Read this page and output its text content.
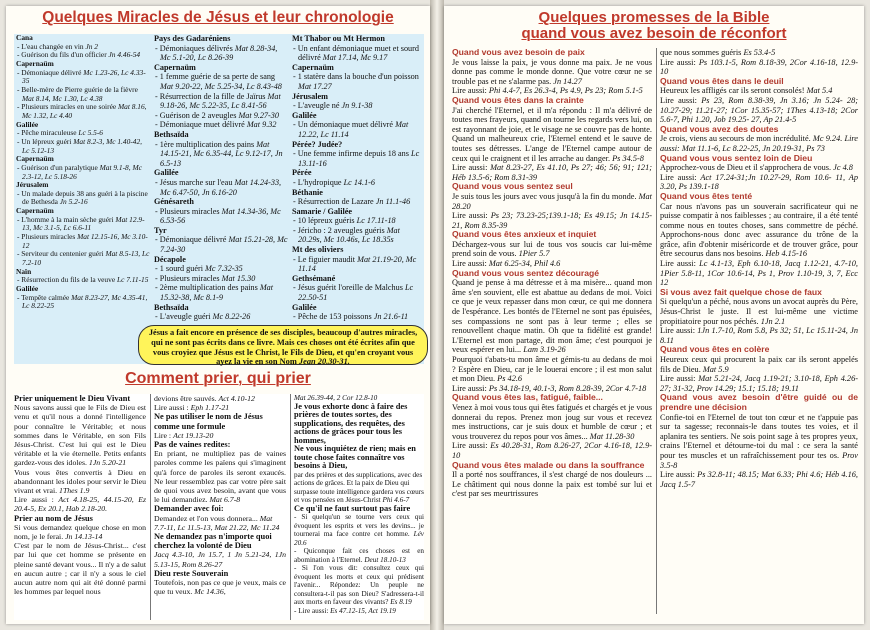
Quelques Miracles de Jésus et leur chronologie
Cana
- L'eau changée en vin Jn 2
- Guérison du fils d'un officier Jn 4.46-54
Capernaüm
- Démoniaque délivré Mc 1.23-26, Lc 4.33-35
- Belle-mère de Pierre guérie de la fièvre Mat 8.14, Mc 1.30, Lc 4.38
- Plusieurs miracles en une soirée Mat 8.16, Mc 1.32, Lc 4.40
Galilée
- Pêche miraculeuse Lc 5.5-6
- Un lépreux guéri Mat 8.2-3, Mc 1.40-42, Lc 5.12-13
Capernaüm
- Guérison d'un paralytique Mat 9.1-8, Mc 2.3-12, Lc 5.18-26
Jérusalem
- Un malade depuis 38 ans guéri à la piscine de Bethesda Jn 5.2-16
Capernaüm
- L'homme à la main sèche guéri Mat 12.9-13, Mc 3.1-5, Lc 6.6-11
- Plusieurs miracles Mat 12.15-16, Mc 3.10-12
- Serviteur du centenier guéri Mat 8.5-13, Lc 7.2-10
Naïn
- Résurrection du fils de la veuve Lc 7.11-15
Galilée
- Tempête calmée Mat 8.23-27, Mc 4.35-41, Lc 8.22-25
Pays des Gadaréniens
- Démoniaques délivrés Mat 8.28-34, Mc 5.1-20, Lc 8.26-39
Capernaüm
- 1 femme guérie de sa perte de sang Mat 9.20-22, Mc 5.25-34, Lc 8.43-48
- Résurrection de la fille de Jaïrus Mat 9.18-26, Mc 5.22-35, Lc 8.41-56
- Guérison de 2 aveugles Mat 9.27-30
- Démoniaque muet délivré Mat 9.32
Bethsaïda
- 1ère multiplication des pains Mat 14.15-21, Mc 6.35-44, Lc 9.12-17, Jn 6.5-13
Galilée
- Jésus marche sur l'eau Mat 14.24-33, Mc 6.47-50, Jn 6.16-20
Génésareth
- Plusieurs miracles Mat 14.34-36, Mc 6.53-56
Tyr
- Démoniaque délivré Mat 15.21-28, Mc 7.24-30
Décapole
- 1 sourd guéri Mc 7.32-35
- Plusieurs miracles Mat 15.30
- 2ème multiplication des pains Mat 15.32-38, Mc 8.1-9
Bethsaïda
- L'aveugle guéri Mc 8.22-26
Mt Thabor ou Mt Hermon
- Un enfant démoniaque muet et sourd délivré Mat 17.14, Mc 9.17
Capernaüm
- 1 statère dans la bouche d'un poisson Mat 17.27
Jérusalem
- L'aveugle né Jn 9.1-38
Galilée
- Un démoniaque muet délivré Mat 12.22, Lc 11.14
Pérée? Judée?
- Une femme infirme depuis 18 ans Lc 13.11-16
Pérée
- L'hydropique Lc 14.1-6
Béthanie
- Résurrection de Lazare Jn 11.1-46
Samarie / Galilée
- 10 lépreux guéris Lc 17.11-18
- Jéricho : 2 aveugles guéris Mat 20.29s, Mc 10.46s, Lc 18.35s
Mt des oliviers
- Le figuier maudit Mat 21.19-20, Mc 11.14
Gethsémané
- Jésus guérit l'oreille de Malchus Lc 22.50-51
Galilée
- Pêche de 153 poissons Jn 21.6-11
Jésus a fait encore en présence de ses disciples, beaucoup d'autres miracles, qui ne sont pas écrits dans ce livre. Mais ces choses ont été écrites afin que vous croyiez que Jésus est le Christ, le Fils de Dieu, et qu'en croyant vous ayez la vie en son Nom Jean 20.30-31.
Comment prier, qui prier
Prier uniquement le Dieu Vivant
Nous savons aussi que le Fils de Dieu est venu et qu'il nous a donné l'intelligence pour connaître le Véritable; et nous sommes dans le Véritable, en son Fils Jésus-Christ. C'est lui qui est le Dieu véritable et la vie éternelle. Petits enfants gardez-vous des idoles. 1Jn 5.20-21
Vous vous êtes convertis à Dieu en abandonnant les idoles pour servir le Dieu vivant et vrai. 1Thes 1.9
Lire aussi : Act 4.18-25, 44.15-20, Ez 20.4-5, Ex 20.1, Hab 2.18-20.
Prier au nom de Jésus
Si vous demandez quelque chose en mon nom, je le ferai. Jn 14.13-14
C'est par le nom de Jésus-Christ... c'est par lui que cet homme se présente en pleine santé devant vous... Il n'y a de salut en aucun autre ; car il n'y a sous le ciel aucun autre nom qui ait été donné parmi les hommes par lequel nous
devions être sauvés. Act 4.10-12
Lire aussi : Eph 1.17-21
Ne pas utiliser le nom de Jésus comme une formule
Lire : Act 19.13-20
Pas de vaines redites:
En priant, ne multipliez pas de vaines paroles comme les païens qui s'imaginent qu'à force de paroles ils seront exaucés. Ne leur ressemblez pas car votre père sait de quoi vous avez besoin, avant que vous le lui demandiez. Mat 6.7-8
Demander avec foi:
Demandez et l'on vous donnera... Mat 7.7-11, Lc 11.5-13, Mat 21.22, Mc 11.24
Ne demandez pas n'importe quoi cherchez la volonté de Dieu
Jacq 4.3-10, Jn 15.7, 1 Jn 5.21-24, 1Jn 5.13-15, Rom 8.26-27
Dieu reste Souverain
Toutefois, non pas ce que je veux, mais ce que tu veux. Mc 14.36,
Mat 26.39-44, 2 Cor 12.8-10
Je vous exhorte donc à faire des prières de toutes sortes, des supplications, des requêtes, des actions de grâces pour tous les hommes,
Ne vous inquiétez de rien; mais en toute chose faites connaître vos besoins à Dieu,
par des prières et des supplications, avec des actions de grâces. Et la paix de Dieu qui surpasse toute intelligence gardera vos cœurs et vos pensées en Jésus-Christ Phi 4.6-7
Ce qu'il ne faut surtout pas faire
- Si quelqu'un se tourne vers ceux qui évoquent les esprits et vers les devins... je tournerai ma face contre cet homme. Lév 20.6
- Quiconque fait ces choses est en abomination à l'Eternel. Deut 18.10-13
- Si l'on vous dit: consultez ceux qui évoquent les morts et ceux qui prédisent l'avenir... Répondez: Un peuple ne consultera-t-il pas son Dieu? S'adressera-t-il aux morts en faveur des vivants? Es 8.19
- Lire aussi: Es 47.12-15, Act 19.19
Quelques promesses de la Bible
quand vous avez besoin de réconfort
Quand vous avez besoin de paix
Je vous laisse la paix, je vous donne ma paix. Je ne vous donne pas comme le monde donne. Que votre cœur ne se trouble pas et ne s'alarme pas. Jn 14.27
Lire aussi: Phi 4.4-7, Es 26.3-4, Ps 4.9, Ps 23; Rom 5.1-5
Quand vous êtes dans la crainte
J'ai cherché l'Eternel, et il m'a répondu : Il m'a délivré de toutes mes frayeurs, quand on tourne les regards vers lui, on est rayonnant de joie, et le visage ne se couvre pas de honte. Quand un malheureux crie, l'Eternel entend et le sauve de toutes ses détresses. L'ange de l'Eternel campe autour de ceux qui le craignent et il les arrache au danger. Ps 34.5-8
Lire aussi: Mat 8.23-27, Es 41.10, Ps 27; 46; 56; 91; 121; Héb 13.5-6; Rom 8.31-39
Quand vous vous sentez seul
Je suis tous les jours avec vous jusqu'à la fin du monde. Mat 28.20
Lire aussi: Ps 23; 73.23-25;139.1-18; Es 49.15; Jn 14.15-21, Rom 8.35-39
Quand vous êtes anxieux et inquiet
Déchargez-vous sur lui de tous vos soucis car lui-même prend soin de vous. 1Pier 5.7
Lire aussi: Mat 6.25-34, Phil 4.6
Quand vous vous sentez découragé
Quand je pense à ma détresse et à ma misère... quand mon âme s'en souvient, elle est abattue au dedans de moi. Voici ce que je veux repasser dans mon cœur, ce qui me donnera de l'espérance. Les bontés de l'Eternel ne sont pas épuisées, ses compassions ne sont pas à leur terme ; elles se renouvellent chaque matin. Oh que ta fidélité est grande! L'Eternel est mon partage, dit mon âme; c'est pourquoi je veux espérer en lui... Lam 3.19-26
Pourquoi t'abats-tu mon âme et gémis-tu au dedans de moi ? Espère en Dieu, car je le louerai encore ; il est mon salut et mon Dieu. Ps 42.6
Lire aussi: Ps 34.18-19, 40.1-3, Rom 8.28-39, 2Cor 4.7-18
Quand vous êtes las, fatigué, faible...
Venez à moi vous tous qui êtes fatigués et chargés et je vous donnerai du repos. Prenez mon joug sur vous et recevez mes instructions, car je suis doux et humble de cœur ; et vous trouverez du repos pour vos âmes... Mat 11.28-30
Lire aussi: Es 40.28-31, Rom 8.26-27, 2Cor 4.16-18, 12.9-10
Quand vous êtes malade ou dans la souffrance
Il a porté nos souffrances, il s'est chargé de nos douleurs ... Le châtiment qui nous donne la paix est tombé sur lui et c'est par ses meurtrissures
que nous sommes guéris Es 53.4-5
Lire aussi: Ps 103.1-5, Rom 8.18-39, 2Cor 4.16-18, 12.9-10
Quand vous êtes dans le deuil
Heureux les affligés car ils seront consolés! Mat 5.4
Lire aussi: Ps 23, Rom 8.38-39, Jn 3.16; Jn 5.24- 28; 10.27-29; 11.21-27; 1Cor 15.35-57; 1Thes 4.13-18; 2Cor 5.6-7, Phi 1.20, Job 19.25- 27, Ap 21.4-5
Quand vous avez des doutes
Je crois, viens au secours de mon incrédulité. Mc 9.24. Lire aussi: Mat 11.1-6, Lc 8.22-25, Jn 20.19-31, Ps 73
Quand vous vous sentez loin de Dieu
Approchez-vous de Dieu et il s'approchera de vous. Jc 4.8
Lire aussi: Act 17.24-31;Jn 10.27-29, Rom 10.6- 11, Ap 3.20, Ps 139.1-18
Quand vous êtes tenté
Car nous n'avons pas un souverain sacrificateur qui ne puisse compatir à nos faiblesses ; au contraire, il a été tenté comme nous en toutes choses, sans commettre de péché. Approchons-nous donc avec assurance du trône de la grâce, afin d'obtenir miséricorde et de trouver grâce, pour être secourus dans nos besoins. Heb 4.15-16
Lire aussi: Lc 4.1-13, Eph 6.10-18, Jacq 1.12-21, 4.7-10, 1Pier 5.8-11, 1Cor 10.6-14, Ps 1, Prov 1.10-19, 3, 7, Ecc 12
Si vous avez fait quelque chose de faux
Si quelqu'un a péché, nous avons un avocat auprès du Père, Jésus-Christ le juste. Il est lui-même une victime propitiatoire pour nos péchés. 1Jn 2.1
Lire aussi: 1Jn 1.7-10, Rom 5.8, Ps 32; 51, Lc 15.11-24, Jn 8.11
Quand vous êtes en colère
Heureux ceux qui procurent la paix car ils seront appelés fils de Dieu. Mat 5.9
Lire aussi: Mat 5.21-24, Jacq 1.19-21; 3.10-18, Eph 4.26-27; 31-32, Prov 14.29; 15.1; 15.18; 19.11
Quand vous avez besoin d'être guidé ou de prendre une décision
Confie-toi en l'Eternel de tout ton cœur et ne t'appuie pas sur ta sagesse; reconnais-le dans toutes tes voies, et il aplanira tes sentiers. Ne sois point sage à tes propres yeux, crains l'Eternel et détourne-toi du mal : ce sera la santé pour tes muscles et un rafraîchissement pour tes os. Prov 3.5-8
Lire aussi: Ps 32.8-11; 48.15; Mat 6.33; Phi 4.6; Héb 4.16, Jacq 1.5-7
